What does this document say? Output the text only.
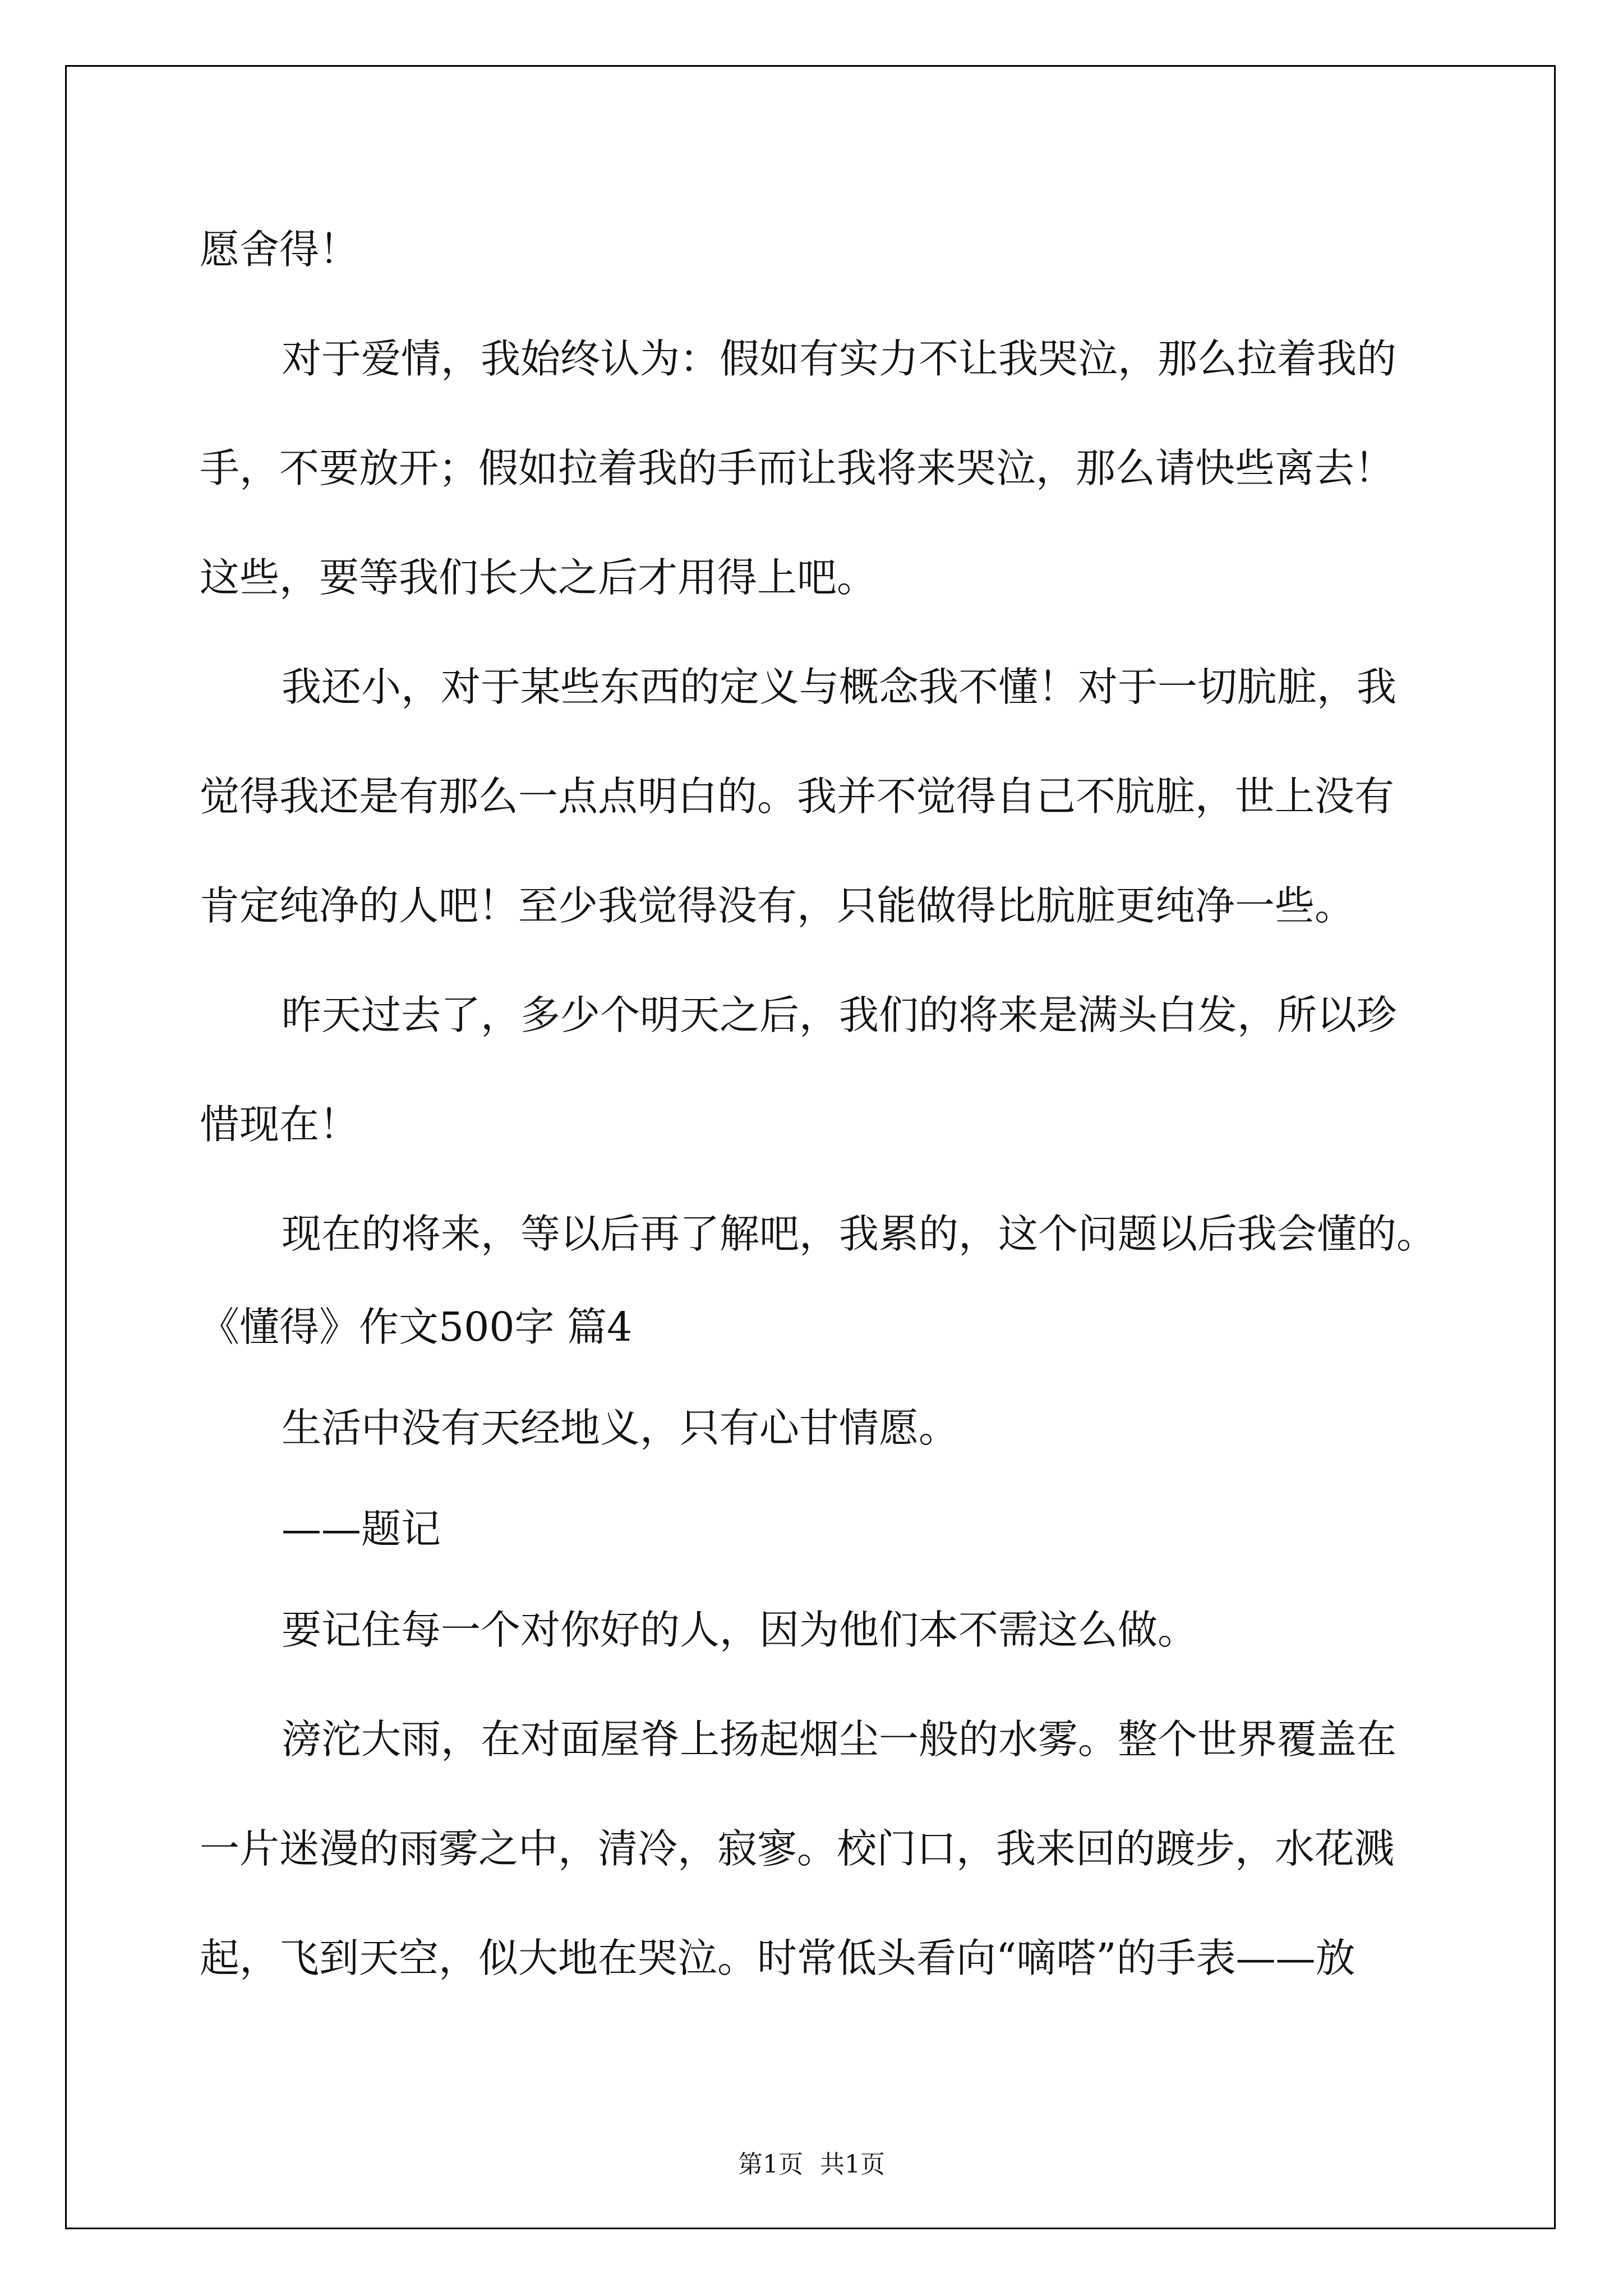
愿舍得！
对于爱情，我始终认为：假如有实力不让我哭泣，那么拉着我的
手，不要放开；假如拉着我的手而让我将来哭泣，那么请快些离去！
这些，要等我们长大之后才用得上吧。
我还小，对于某些东西的定义与概念我不懂！对于一切肮脏，我
觉得我还是有那么一点点明白的。我并不觉得自己不肮脏，世上没有
肯定纯净的人吧！至少我觉得没有，只能做得比肮脏更纯净一些。
昨天过去了，多少个明天之后，我们的将来是满头白发，所以珍
惜现在！
现在的将来，等以后再了解吧，我累的，这个问题以后我会懂的。
《懂得》作文500字 篇4
生活中没有天经地义，只有心甘情愿。
——题记
要记住每一个对你好的人，因为他们本不需这么做。
滂沱大雨，在对面屋脊上扬起烟尘一般的水雾。整个世界覆盖在
一片迷漫的雨雾之中，清冷，寂寥。校门口，我来回的踱步，水花溅
起，飞到天空，似大地在哭泣。时常低头看向“嘀嗒”的手表——放
第1页 共1页
